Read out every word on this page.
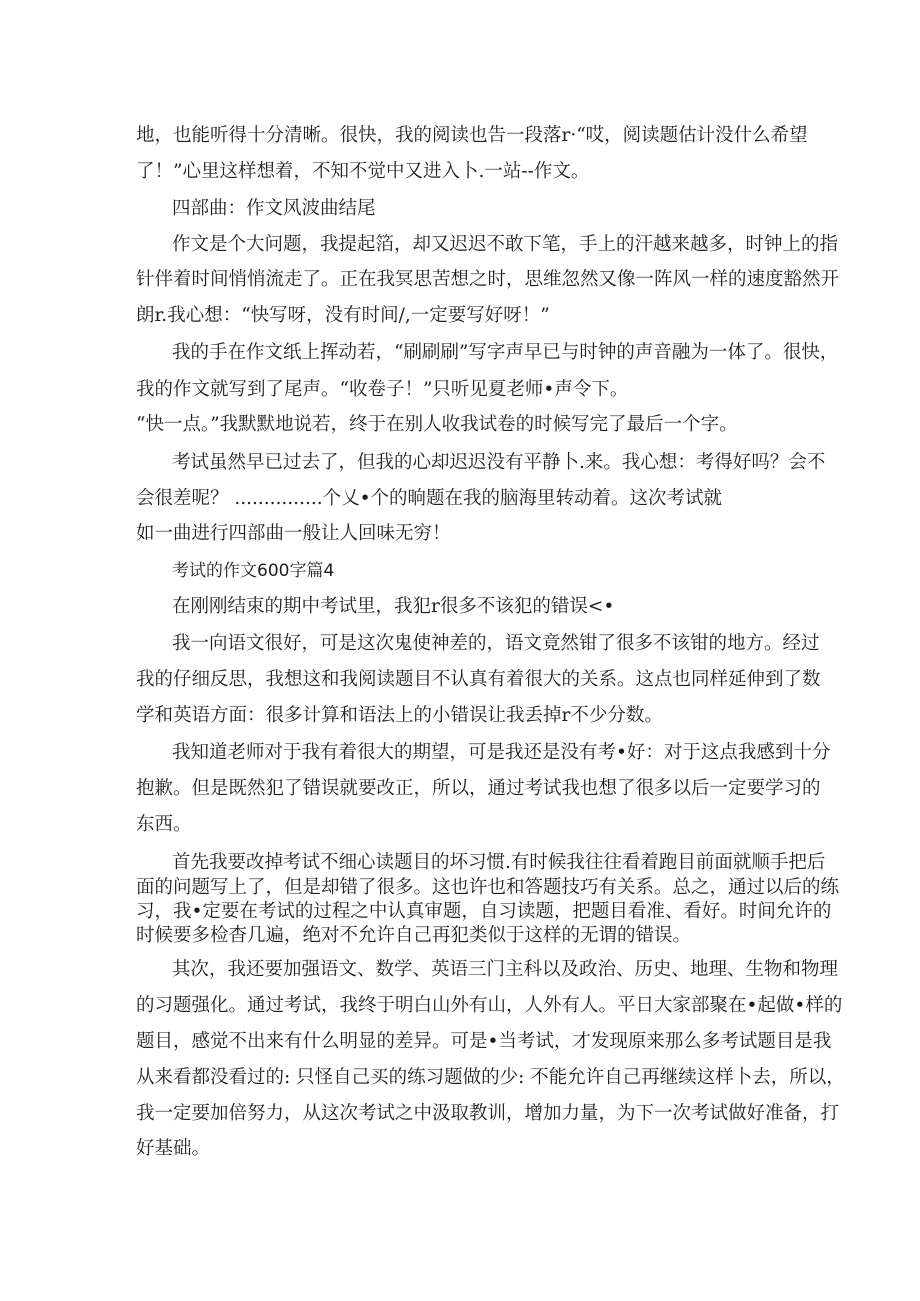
地，也能听得十分清晰。很快，我的阅读也告一段落r·“哎，阅读题估计没什么希望
了！”心里这样想着，不知不觉中又进入卜.一站--作文。
四部曲：作文风波曲结尾
作文是个大问题，我提起箔，却又迟迟不敢下笔，手上的汗越来越多，时钟上的指
针伴着时间悄悄流走了。正在我冥思苦想之时，思维忽然又像一阵风一样的速度豁然开
朗r.我心想：“快写呀，没有时间/,一定要写好呀！”
我的手在作文纸上挥动若，“刷刷刷”写字声早已与时钟的声音融为一体了。很快，
我的作文就写到了尾声。“收卷子！”只听见夏老师•声令下。
“快一点。”我默默地说若，终于在别人收我试卷的时候写完了最后一个字。
考试虽然早已过去了，但我的心却迟迟没有平静卜.来。我心想：考得好吗？会不
会很差呢？ ...............个乂•个的晌题在我的脑海里转动着。这次考试就
如一曲进行四部曲一般让人回味无穷！
考试的作文600字篇4
在刚刚结束的期中考试里，我犯r很多不该犯的错误<•
我一向语文很好，可是这次鬼使神差的，语文竟然钳了很多不该钳的地方。经过
我的仔细反思，我想这和我阅读题目不认真有着很大的关系。这点也同样延伸到了数
学和英语方面：很多计算和语法上的小错误让我丢掉r不少分数。
我知道老师对于我有着很大的期望，可是我还是没有考•好：对于这点我感到十分
抱歉。但是既然犯了错误就要改正，所以，通过考试我也想了很多以后一定要学习的
东西。
首先我要改掉考试不细心读题目的坏习惯.有时候我往往看着跑目前面就顺手把后
面的问题写上了，但是却错了很多。这也许也和答题技巧有关系。总之，通过以后的练
习，我•定要在考试的过程之中认真审题，自习读题，把题目看准、看好。时间允许的
时候要多检杳几遍，绝对不允许自己再犯类似于这样的无谓的错误。
其次，我还要加强语文、数学、英语三门主科以及政治、历史、地理、生物和物理
的习题强化。通过考试，我终于明白山外有山，人外有人。平日大家部聚在•起做•样的
题目，感觉不出来有什么明显的差异。可是•当考试，才发现原来那么多考试题目是我
从来看都没看过的: 只怪自己买的练习题做的少: 不能允许自己再继续这样卜去，所以，
我一定要加倍努力，从这次考试之中汲取教训，增加力量，为下一次考试做好准备，打
好基础。
